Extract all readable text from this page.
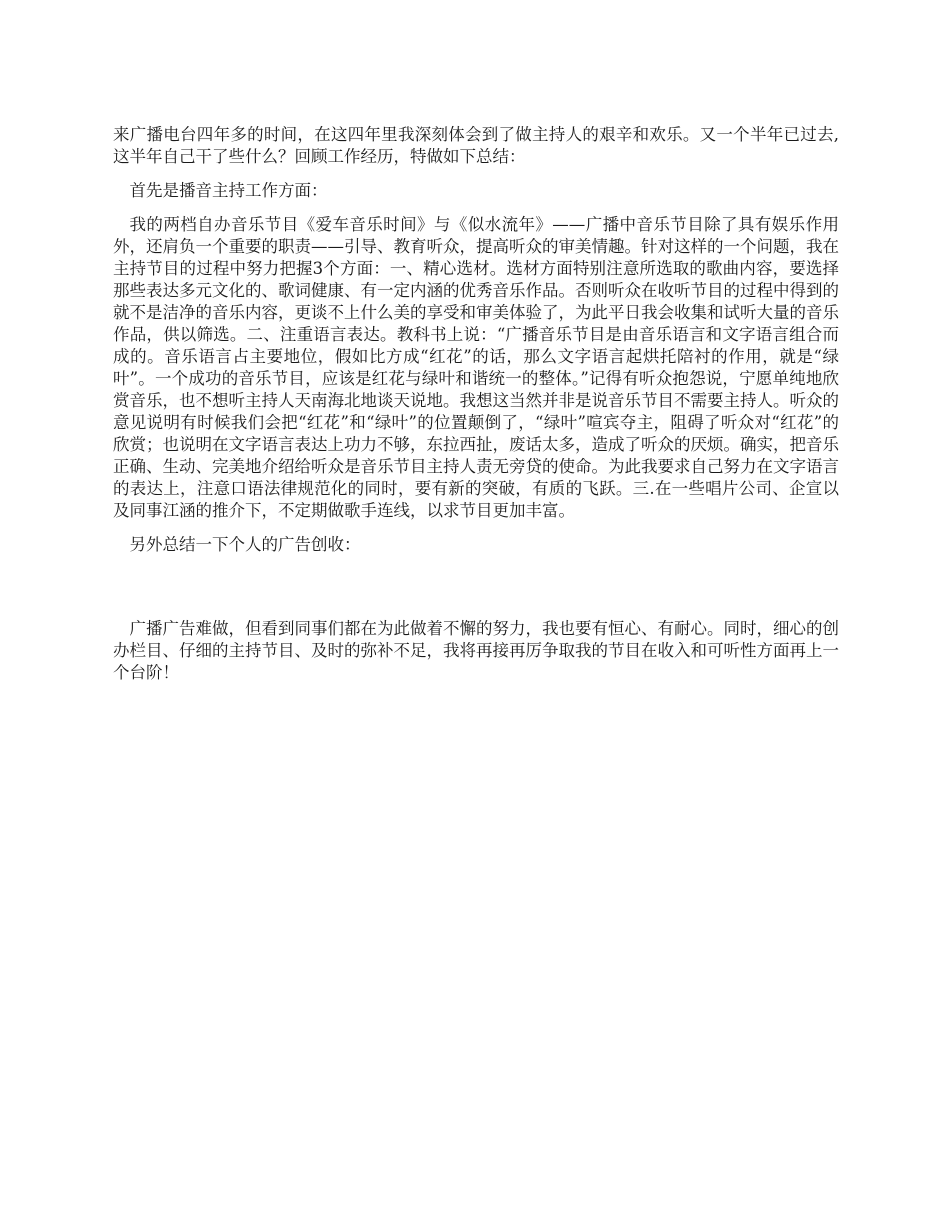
来广播电台四年多的时间，在这四年里我深刻体会到了做主持人的艰辛和欢乐。又一个半年已过去,这半年自己干了些什么？回顾工作经历，特做如下总结：

首先是播音主持工作方面：

我的两档自办音乐节目《爱车音乐时间》与《似水流年》——广播中音乐节目除了具有娱乐作用外，还肩负一个重要的职责——引导、教育听众，提高听众的审美情趣。针对这样的一个问题，我在主持节目的过程中努力把握3个方面：一、精心选材。选材方面特别注意所选取的歌曲内容，要选择那些表达多元文化的、歌词健康、有一定内涵的优秀音乐作品。否则听众在收听节目的过程中得到的就不是洁净的音乐内容，更谈不上什么美的享受和审美体验了，为此平日我会收集和试听大量的音乐作品，供以筛选。二、注重语言表达。教科书上说：“广播音乐节目是由音乐语言和文字语言组合而成的。音乐语言占主要地位，假如比方成“红花”的话，那么文字语言起烘托陪衬的作用，就是“绿叶”。一个成功的音乐节目，应该是红花与绿叶和谐统一的整体。”记得有听众抱怨说，宁愿单纯地欣赏音乐，也不想听主持人天南海北地谈天说地。我想这当然并非是说音乐节目不需要主持人。听众的意见说明有时候我们会把“红花”和“绿叶”的位置颠倒了，“绿叶”喧宾夺主，阻碍了听众对“红花”的欣赏；也说明在文字语言表达上功力不够，东拉西扯，废话太多，造成了听众的厌烦。确实，把音乐正确、生动、完美地介绍给听众是音乐节目主持人责无旁贷的使命。为此我要求自己努力在文字语言的表达上，注意口语法律规范化的同时，要有新的突破，有质的飞跃。三.在一些唱片公司、企宣以及同事江涵的推介下，不定期做歌手连线，以求节目更加丰富。

另外总结一下个人的广告创收：

广播广告难做，但看到同事们都在为此做着不懈的努力，我也要有恒心、有耐心。同时，细心的创办栏目、仔细的主持节目、及时的弥补不足，我将再接再厉争取我的节目在收入和可听性方面再上一个台阶！
